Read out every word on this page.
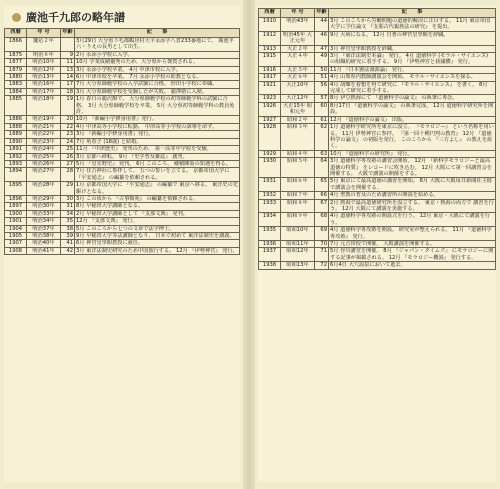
廣池千九郎の略年譜
西暦	年 号	年齢	記　　事
1866	慶応２年		3月29日 大分県下毛郡鶴居村大字永添字八倉233番地にて、 廣池半六・りえの長男として出生。
1875	明治８年	9	2月 永添小学校に入学。
1877	明治10年	11	10月 学業成績優秀のため、大分県から褒賞される。
1879	明治12年	13	3月 永添小学校卒業。 4月 中津市校に入学。
1880	明治13年	14	6月 中津市校を卒業。 7月 永添小学校の助教となる。
1883	明治16年	17	7月 大分県師範学校の入学試験に合格。 形田小学校に奉職。
1884	明治17年	18	3月 大分県師範学校を受験したが失敗。 麗澤塾に入塾。
1885	明治18年	19	1月 春日の麗沢館で、 大分県師範学校の初等師範学科の試験に合格。 3月 大分県師範学校を卒業。 5月 大分県初等師範学科の教員免許。
1886	明治19年	20	10月 『新編小学修身用書』発行。
1888	明治21年	22	4月 中津高等小学校に転勤。 中津高等小学校の訓導を命ず。
1889	明治22年	23	3月 『新編小学修身用書』発行。
1890	明治23年	24	7月 角春子 (18歳) と結婚。
1891	明治24年	25	11月 『中津歴史』 発刊のため、 第一高等中学校を受験。
1892	明治25年	26	3月 京都へ移転。 9月 『史学普及雑誌』 創刊。
1893	明治26年	27	5月 『皇室野史』 発刊。 6月 このころ、 穂積陳重の知遇を得る。
1894	明治27年	28	7月 住吉神社に参拝して、 五つの誓いを立てる。 京都帝国大学に 『平安通志』 の編纂を依頼される。
1895	明治28年	29	1月 京都帝国大学に 『平安通志』 の編纂で 東京へ移る。 東洋史の先駆けとなる。
1896	明治29年	30	3月 この頃から 『古事類苑』 の編纂を依頼される。
1897	明治30年	31	8月 早稲田大学講師となる。
1900	明治33年	34	2月 早稲田大学講師として 『支那文典』 発刊。
1901	明治34年	35	12月 『支那文典』 発行。
1904	明治37年	38	5月 このころから七つの文章で法学博士。
1905	明治38年	39	9月 早稲田大学等法講師となり、 日本で初めて 東洋法制史を講義。
1907	明治40年	41	6月 神宮皇學館教授に就任。
1908	明治41年	42	3月 東洋法制史研究のため中国旅行する。 12月 『伊勢神宮』 発行。
西暦	年 号	年齢	記　　事
1910	明治43年	44	3月 このころから労働問題の道徳的解決に注目する。 11月 東京帝国大学に学位論文 『支那古代親族法の研究』 を提出。
1912	明治45年 大正元年	46	9月 大病になる。 12月 自著の神宮皇學館を辞職。
1913	大正２年	47	3月 神宮皇學館教授を辞職。
1915	大正４年	49	3月 『東洋法制史本論』 発行。 4月 道徳科学 (モラル・サイエンス) の組織的研究に着手する。 9月 『伊勢神宮と我國體』 発行。
1916	大正５年	50	11月 『日本憲法淵源論』 発行。
1917	大正６年	51	4月 山梨県内教師講演会を開始。 モラル・サイエンスを探る。
1921	大正10年	56	4月 胡蝶を着想を得て研究に 『モラル・サイエンス』 を書く。 8月 完成して研究に着手する。
1923	大正12年	57	8月 伊豆熱海にて 『道徳科学の論文』 の執筆に専念。
1926	大正15年 昭和元年	60	8月17日 『道徳科学の論文』 の執筆完成。 12月 道徳科学研究所を開設。
1927	昭和２年	61	12月 『道徳科学の論文』 出版。
1928	昭和３年	62	1月 道徳科学研究所を東京に設立。 『モラロジー』 という名称を用いる。 11月 伊勢神宮に参拝。 『第一回十種円判の教育』 12月 『道徳科学の論文』 の初版を発行。 このころから 『三方よし』 の教えを説く。
1929	昭和４年	63	10月 『道徳科学の研究所』 発行。
1930	昭和５年	64	3月 道徳科学専攻塾の講習会開始。 12月 『新科学モラロジーと最高道徳の特質』 をレコードに吹き込む。 12月 大阪にて第一回講習会を開催する。 大阪で講演の開催をする。
1931	昭和６年	65	5月 東京にて最高道徳の講習を開始。 8月 大阪に大阪毎日新聞社主催で講演会を開催する。
1932	昭和７年	66	4月 聖教の普及のため講習所の開設を始める。
1933	昭和８年	67	2月 熱海で最高道徳研究所を設立する。 東京・熱海の両方で 講習を行う。 12月 大阪にて講演を実施する。
1934	昭和９年	68	4月 道徳科学専攻塾の開設式を行う。 12月 東京・大阪にて講演を行う。
1935	昭和10年	69	4月 道徳科学専攻塾を開設。 研究室が整えられる。 11月 『道徳科学専攻塾』 発行。
1936	昭和11年	70	7月 元吉田校で開催。 大阪講演を開催する。
1937	昭和12年	71	5月 谷川講堂を開催。 8月 『ジャパン・タイムズ』 にモラロジーに関する記事が掲載される。 12月 『モラロジー概説』 発行する。
1938	昭和13年	72	6月4日 大穴温泉において逝去。
